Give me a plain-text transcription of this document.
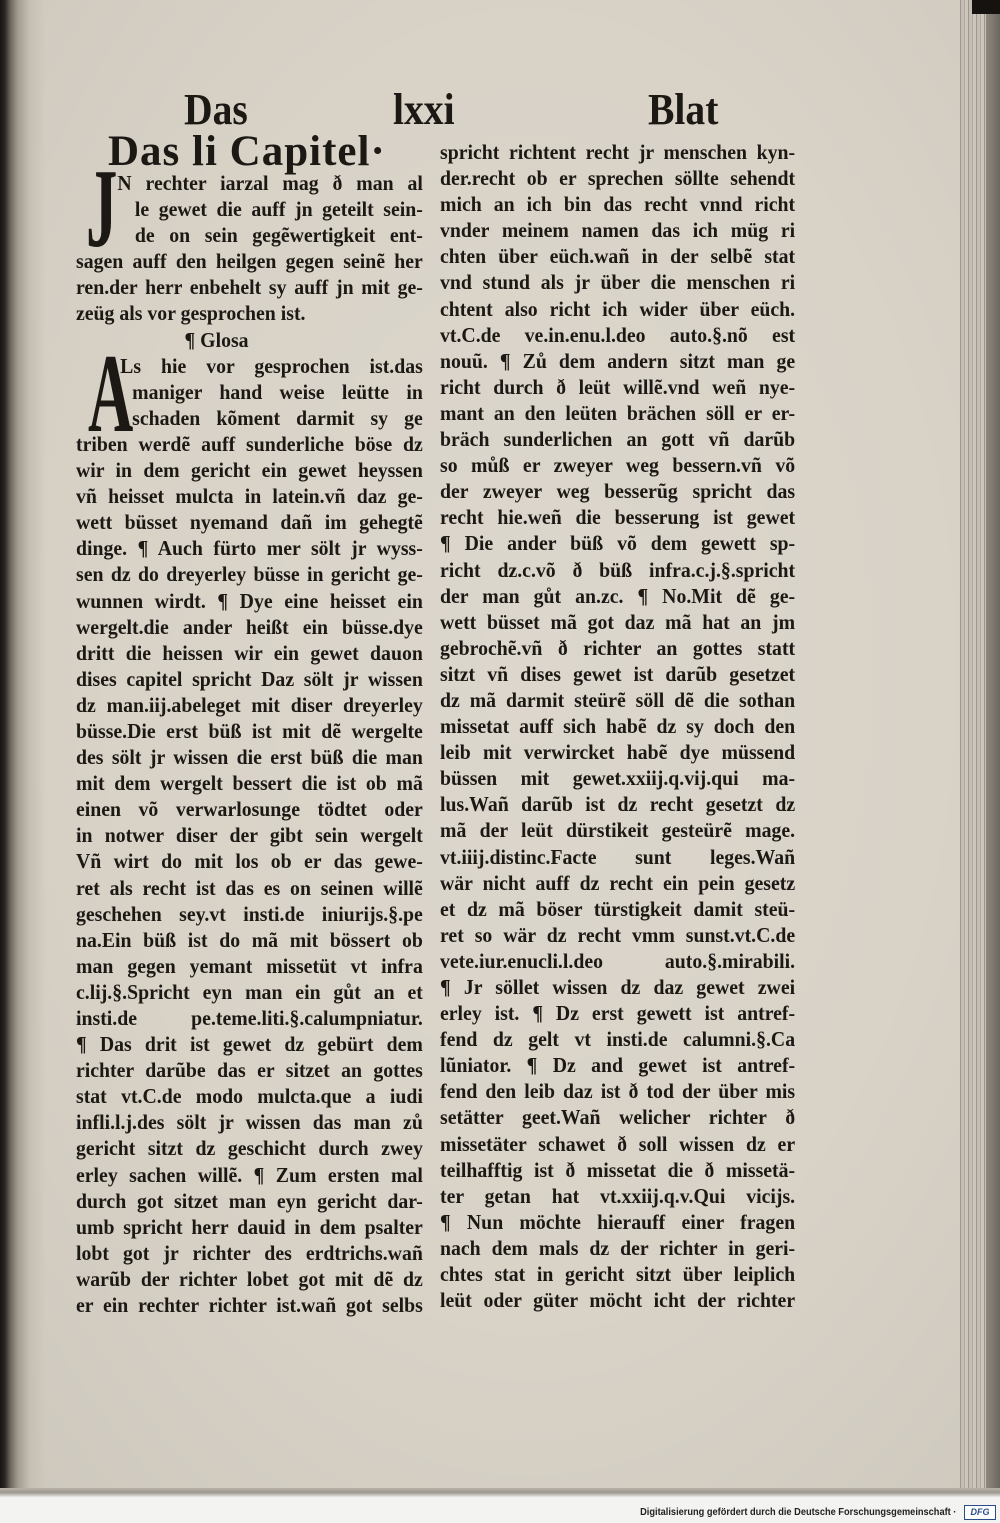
Das	lxxi	Blat
Das li Capitel·
N rechter iarzal mag ð man al
le gewet die auff jn geteilt sein-
de on sein gegẽwertigkeit ent-
sagen auff den heilgen gegen seinẽ her
ren.der herr enbehelt sy auff jn mit ge-
zeüg als vor gesprochen ist.
¶ Glosa
Ls hie vor gesprochen ist.das
maniger hand weise leütte in
schaden kõment darmit sy ge
triben werdẽ auff sunderliche böse dz
wir in dem gericht ein gewet heyssen
vñ heisset mulcta in latein.vñ daz ge-
wett büsset nyemand dañ im gehegtẽ
dinge. ¶ Auch fürto mer sölt jr wyss-
sen dz do dreyerley büsse in gericht ge-
wunnen wirdt. ¶ Dye eine heisset ein
wergelt.die ander heißt ein büsse.dye
dritt die heissen wir ein gewet dauon
dises capitel spricht Daz sölt jr wissen
dz man.iij.abeleget mit diser dreyerley
büsse.Die erst büß ist mit dẽ wergelte
des sölt jr wissen die erst büß die man
mit dem wergelt bessert die ist ob mã
einen võ verwarlosunge tödtet oder
in notwer diser der gibt sein wergelt
Vñ wirt do mit los ob er das gewe-
ret als recht ist das es on seinen willẽ
geschehen sey.vt insti.de iniurijs.§.pe
na.Ein büß ist do mã mit bössert ob
man gegen yemant missetüt vt infra
c.lij.§.Spricht eyn man ein gůt an et
insti.de pe.teme.liti.§.calumpniatur.
¶ Das drit ist gewet dz gebürt dem
richter darũbe das er sitzet an gottes
stat vt.C.de modo mulcta.que a iudi
infli.l.j.des sölt jr wissen das man zů
gericht sitzt dz geschicht durch zwey
erley sachen willẽ. ¶ Zum ersten mal
durch got sitzet man eyn gericht dar-
umb spricht herr dauid in dem psalter
lobt got jr richter des erdtrichs.wañ
warũb der richter lobet got mit dẽ dz
er ein rechter richter ist.wañ got selbs
J
A
spricht richtent recht jr menschen kyn-
der.recht ob er sprechen söllte sehendt
mich an ich bin das recht vnnd richt
vnder meinem namen das ich müg ri
chten über eüch.wañ in der selbẽ stat
vnd stund als jr über die menschen ri
chtent also richt ich wider über eüch.
vt.C.de ve.in.enu.l.deo auto.§.nõ est
nouũ. ¶ Zů dem andern sitzt man ge
richt durch ð leüt willẽ.vnd weñ nye-
mant an den leüten brächen söll er er-
bräch sunderlichen an gott vñ darũb
so můß er zweyer weg bessern.vñ võ
der zweyer weg besserũg spricht das
recht hie.weñ die besserung ist gewet
¶ Die ander büß võ dem gewett sp-
richt dz.c.võ ð büß infra.c.j.§.spricht
der man gůt an.zc. ¶ No.Mit dẽ ge-
wett büsset mã got daz mã hat an jm
gebrochẽ.vñ ð richter an gottes statt
sitzt vñ dises gewet ist darũb gesetzet
dz mã darmit steürẽ söll dẽ die sothan
missetat auff sich habẽ dz sy doch den
leib mit verwircket habẽ dye müssend
büssen mit gewet.xxiij.q.vij.qui ma-
lus.Wañ darũb ist dz recht gesetzt dz
mã der leüt dürstikeit gesteürẽ mage.
vt.iiij.distinc.Facte sunt leges.Wañ
wär nicht auff dz recht ein pein gesetz
et dz mã böser türstigkeit damit steü-
ret so wär dz recht vmm sunst.vt.C.de
vete.iur.enucli.l.deo auto.§.mirabili.
¶ Jr söllet wissen dz daz gewet zwei
erley ist. ¶ Dz erst gewett ist antref-
fend dz gelt vt insti.de calumni.§.Ca
lũniator. ¶ Dz and gewet ist antref-
fend den leib daz ist ð tod der über mis
setätter geet.Wañ welicher richter ð
missetäter schawet ð soll wissen dz er
teilhafftig ist ð missetat die ð missetä-
ter getan hat vt.xxiij.q.v.Qui vicijs.
¶ Nun möchte hierauff einer fragen
nach dem mals dz der richter in geri-
chtes stat in gericht sitzt über leiplich
leüt oder güter möcht icht der richter
Digitalisierung gefördert durch die Deutsche Forschungsgemeinschaft ·	DFG
